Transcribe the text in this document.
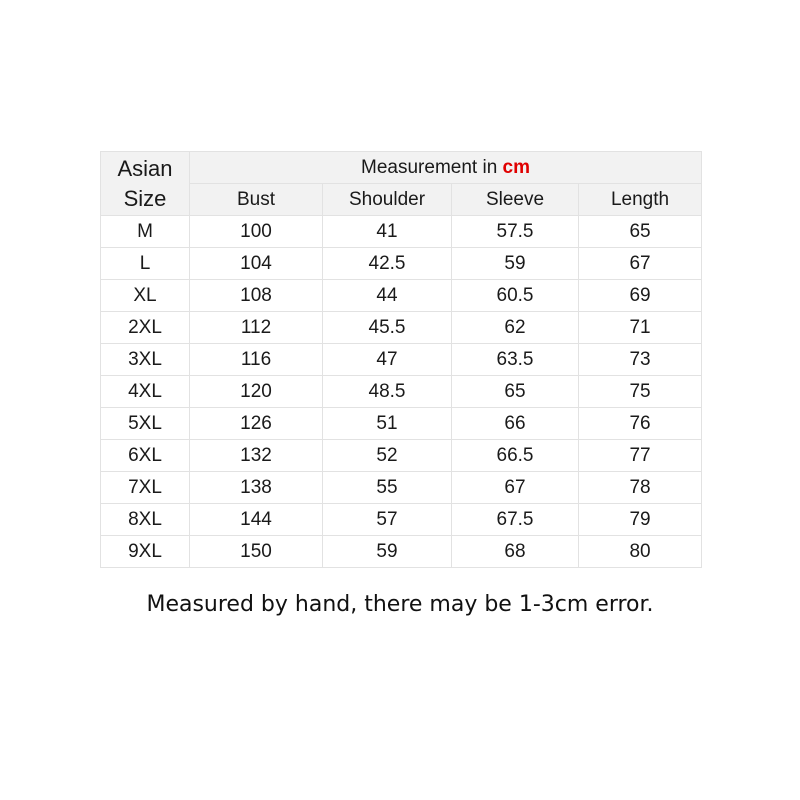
Asian
Size	Measurement in cm			
	Bust	Shoulder	Sleeve	Length
M	100	41	57.5	65
L	104	42.5	59	67
XL	108	44	60.5	69
2XL	112	45.5	62	71
3XL	116	47	63.5	73
4XL	120	48.5	65	75
5XL	126	51	66	76
6XL	132	52	66.5	77
7XL	138	55	67	78
8XL	144	57	67.5	79
9XL	150	59	68	80
Measured by hand, there may be 1-3cm error.
